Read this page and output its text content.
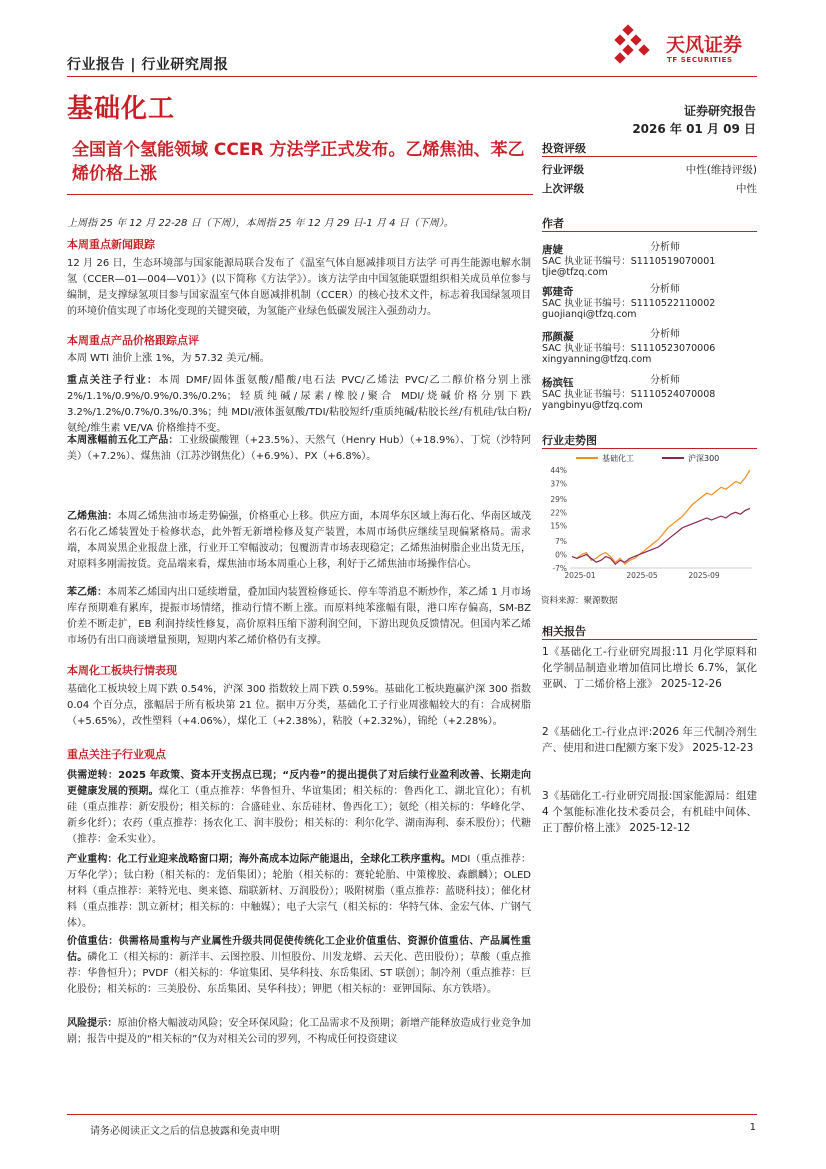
行业报告 | 行业研究周报
基础化工
天风证券
TF SECURITIES
证券研究报告
2026 年 01 月 09 日
全国首个氢能领域 CCER 方法学正式发布。乙烯焦油、苯乙烯价格上涨
上周指 25 年 12 月 22-28 日（下周），本周指 25 年 12 月 29 日-1 月 4 日（下周）。
本周重点新闻跟踪
12 月 26 日，生态环境部与国家能源局联合发布了《温室气体自愿减排项目方法学 可再生能源电解水制氢（CCER—01—004—V01）》(以下简称《方法学》）。该方法学由中国氢能联盟组织相关成员单位参与编制，是支撑绿氢项目参与国家温室气体自愿减排机制（CCER）的核心技术文件，标志着我国绿氢项目的环境价值实现了市场化变现的关键突破，为氢能产业绿色低碳发展注入强劲动力。
本周重点产品价格跟踪点评
本周 WTI 油价上涨 1%，为 57.32 美元/桶。
重点关注子行业：本周 DMF/固体蛋氨酸/醋酸/电石法 PVC/乙烯法 PVC/乙二醇价格分别上涨 2%/1.1%/0.9%/0.9%/0.3%/0.2%；轻质纯碱/尿素/橡胶/聚合 MDI/烧碱价格分别下跌 3.2%/1.2%/0.7%/0.3%/0.3%；纯 MDI/液体蛋氨酸/TDI/粘胶短纤/重质纯碱/粘胶长丝/有机硅/钛白粉/氨纶/维生素 VE/VA 价格维持不变。
本周涨幅前五化工产品：工业级碳酸锂（+23.5%）、天然气（Henry Hub）（+18.9%）、丁烷（沙特阿美）（+7.2%）、煤焦油（江苏沙钢焦化）（+6.9%）、PX（+6.8%）。
乙烯焦油：本周乙烯焦油市场走势偏强，价格重心上移。供应方面，本周华东区域上海石化、华南区域茂名石化乙烯装置处于检修状态，此外暂无新增检修及复产装置，本周市场供应继续呈现偏紧格局。需求端，本周炭黑企业报盘上涨，行业开工窄幅波动；包覆沥青市场表现稳定；乙烯焦油树脂企业出货无压，对原料多刚需按货。竞品端来看，煤焦油市场本周重心上移，利好于乙烯焦油市场操作信心。
苯乙烯：本周苯乙烯国内出口延续增量，叠加国内装置检修延长、停车等消息不断炒作，苯乙烯 1 月市场库存预期难有累库，提振市场情绪，推动行情不断上涨。而原料纯苯涨幅有限，港口库存偏高，SM-BZ 价差不断走扩，EB 利润持续性修复，高价原料压缩下游利润空间，下游出现负反馈情况。但国内苯乙烯市场仍有出口商谈增量预期，短期内苯乙烯价格仍有支撑。
本周化工板块行情表现
基础化工板块较上周下跌 0.54%，沪深 300 指数较上周下跌 0.59%。基础化工板块跑赢沪深 300 指数 0.04 个百分点，涨幅居于所有板块第 21 位。据申万分类，基础化工子行业周涨幅较大的有：合成树脂（+5.65%），改性塑料（+4.06%），煤化工（+2.38%），粘胶（+2.32%），锦纶（+2.28%）。
重点关注子行业观点
供需逆转：2025 年政策、资本开支拐点已现；“反内卷”的提出提供了对后续行业盈利改善、长期走向更健康发展的预期。煤化工（重点推荐：华鲁恒升、华谊集团；相关标的：鲁西化工、湖北宜化）；有机硅（重点推荐：新安股份；相关标的：合盛硅业、东岳硅材、鲁西化工）；氨纶（相关标的：华峰化学、新乡化纤）；农药（重点推荐：扬农化工、润丰股份；相关标的：利尔化学、湖南海利、泰禾股份）；代糖（推荐：金禾实业）。
产业重构：化工行业迎来战略窗口期；海外高成本边际产能退出，全球化工秩序重构。MDI（重点推荐：万华化学）；钛白粉（相关标的：龙佰集团）；轮胎（相关标的：赛轮轮胎、中策橡胶、森麒麟）；OLED 材料（重点推荐：莱特光电、奥来德、瑞联新材、万润股份）；吸附树脂（重点推荐：蓝晓科技）；催化材料（重点推荐：凯立新材；相关标的：中触媒）；电子大宗气（相关标的：华特气体、金宏气体、广钢气体）。
价值重估：供需格局重构与产业属性升级共同促使传统化工企业价值重估、资源价值重估、产品属性重估。磷化工（相关标的：新洋丰、云图控股、川恒股份、川发龙蟒、云天化、芭田股份）；草酸（重点推荐：华鲁恒升）；PVDF（相关标的：华谊集团、昊华科技、东岳集团、ST 联创）；制冷剂（重点推荐：巨化股份；相关标的：三美股份、东岳集团、昊华科技）；钾肥（相关标的：亚钾国际、东方铁塔）。
风险提示：原油价格大幅波动风险；安全环保风险；化工品需求不及预期；新增产能释放造成行业竞争加剧；报告中提及的“相关标的”仅为对相关公司的罗列，不构成任何投资建议
投资评级
行业评级	中性(维持评级)
上次评级	中性
作者
唐婕	分析师
SAC 执业证书编号：S1110519070001
tjie@tfzq.com
郭建奇	分析师
SAC 执业证书编号：S1110522110002
guojianqi@tfzq.com
邢颜凝	分析师
SAC 执业证书编号：S1110523070006
xingyanning@tfzq.com
杨滨钰	分析师
SAC 执业证书编号：S1110524070008
yangbinyu@tfzq.com
行业走势图
基础化工	沪深300
44%
37%
29%
22%
15%
7%
0%
-7%
2025-01	2025-05	2025-09
资料来源：聚源数据
相关报告
1《基础化工-行业研究周报:11 月化学原料和化学制品制造业增加值同比增长 6.7%，氯化亚砜、丁二烯价格上涨》 2025-12-26
2《基础化工-行业点评:2026 年三代制冷剂生产、使用和进口配额方案下发》 2025-12-23
3《基础化工-行业研究周报:国家能源局：组建 4 个氢能标准化技术委员会，有机硅中间体、正丁醇价格上涨》 2025-12-12
请务必阅读正文之后的信息披露和免责申明	1
